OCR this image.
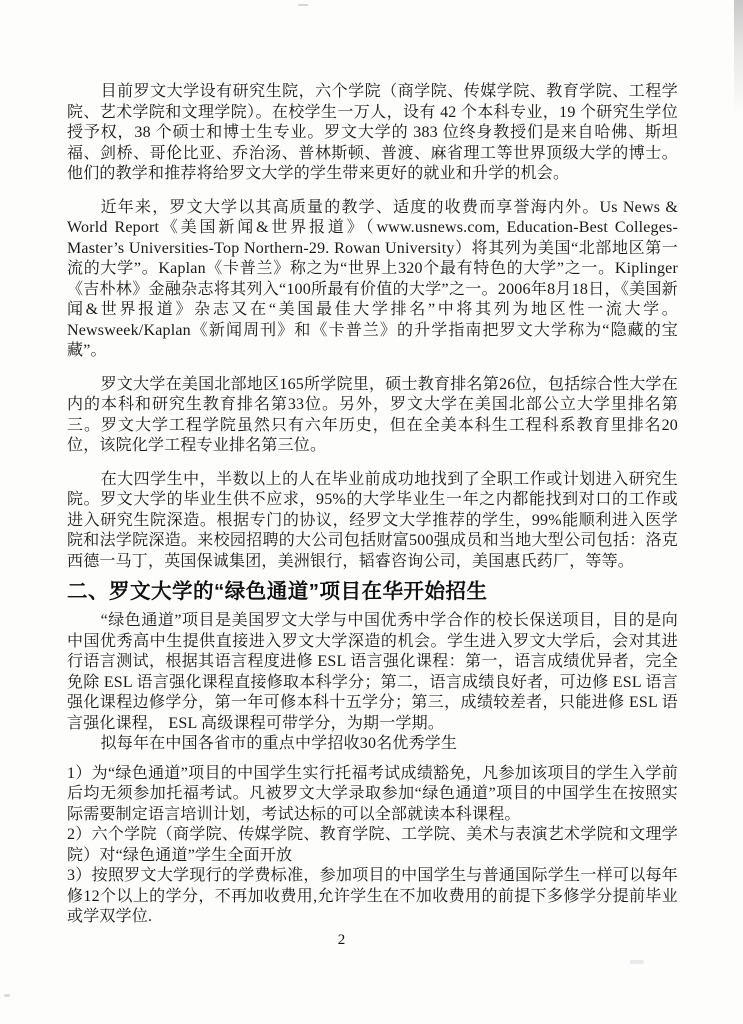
目前罗文大学设有研究生院，六个学院（商学院、传媒学院、教育学院、工程学院、艺术学院和文理学院）。在校学生一万人，设有 42 个本科专业，19 个研究生学位授予权，38 个硕士和博士生专业。罗文大学的 383 位终身教授们是来自哈佛、斯坦福、剑桥、哥伦比亚、乔治汤、普林斯顿、普渡、麻省理工等世界顶级大学的博士。他们的教学和推荐将给罗文大学的学生带来更好的就业和升学的机会。

近年来，罗文大学以其高质量的教学、适度的收费而享誉海内外。Us News & World Report《美国新闻&世界报道》（www.usnews.com, Education-Best Colleges-Master’s Universities-Top Northern-29. Rowan University）将其列为美国“北部地区第一流的大学”。Kaplan《卡普兰》称之为“世界上320个最有特色的大学”之一。Kiplinger《吉朴林》金融杂志将其列入“100所最有价值的大学”之一。2006年8月18日，《美国新闻&世界报道》杂志又在“美国最佳大学排名”中将其列为地区性一流大学。Newsweek/Kaplan《新闻周刊》和《卡普兰》的升学指南把罗文大学称为“隐藏的宝藏”。

罗文大学在美国北部地区165所学院里，硕士教育排名第26位，包括综合性大学在内的本科和研究生教育排名第33位。另外，罗文大学在美国北部公立大学里排名第三。罗文大学工程学院虽然只有六年历史，但在全美本科生工程科系教育里排名20位，该院化学工程专业排名第三位。

在大四学生中，半数以上的人在毕业前成功地找到了全职工作或计划进入研究生院。罗文大学的毕业生供不应求，95%的大学毕业生一年之内都能找到对口的工作或进入研究生院深造。根据专门的协议，经罗文大学推荐的学生，99%能顺利进入医学院和法学院深造。来校园招聘的大公司包括财富500强成员和当地大型公司包括：洛克西德一马丁，英国保诚集团，美洲银行，韬睿咨询公司，美国惠氏药厂，等等。

二、罗文大学的“绿色通道”项目在华开始招生

“绿色通道”项目是美国罗文大学与中国优秀中学合作的校长保送项目，目的是向中国优秀高中生提供直接进入罗文大学深造的机会。学生进入罗文大学后，会对其进行语言测试，根据其语言程度进修 ESL 语言强化课程：第一，语言成绩优异者，完全免除 ESL 语言强化课程直接修取本科学分；第二，语言成绩良好者，可边修 ESL 语言强化课程边修学分，第一年可修本科十五学分；第三，成绩较差者，只能进修 ESL 语言强化课程， ESL 高级课程可带学分，为期一学期。

拟每年在中国各省市的重点中学招收30名优秀学生

1）为“绿色通道”项目的中国学生实行托福考试成绩豁免，凡参加该项目的学生入学前后均无须参加托福考试。凡被罗文大学录取参加“绿色通道”项目的中国学生在按照实际需要制定语言培训计划，考试达标的可以全部就读本科课程。

2）六个学院（商学院、传媒学院、教育学院、工学院、美术与表演艺术学院和文理学院）对“绿色通道”学生全面开放

3）按照罗文大学现行的学费标准，参加项目的中国学生与普通国际学生一样可以每年修12个以上的学分，不再加收费用,允许学生在不加收费用的前提下多修学分提前毕业或学双学位.

2
